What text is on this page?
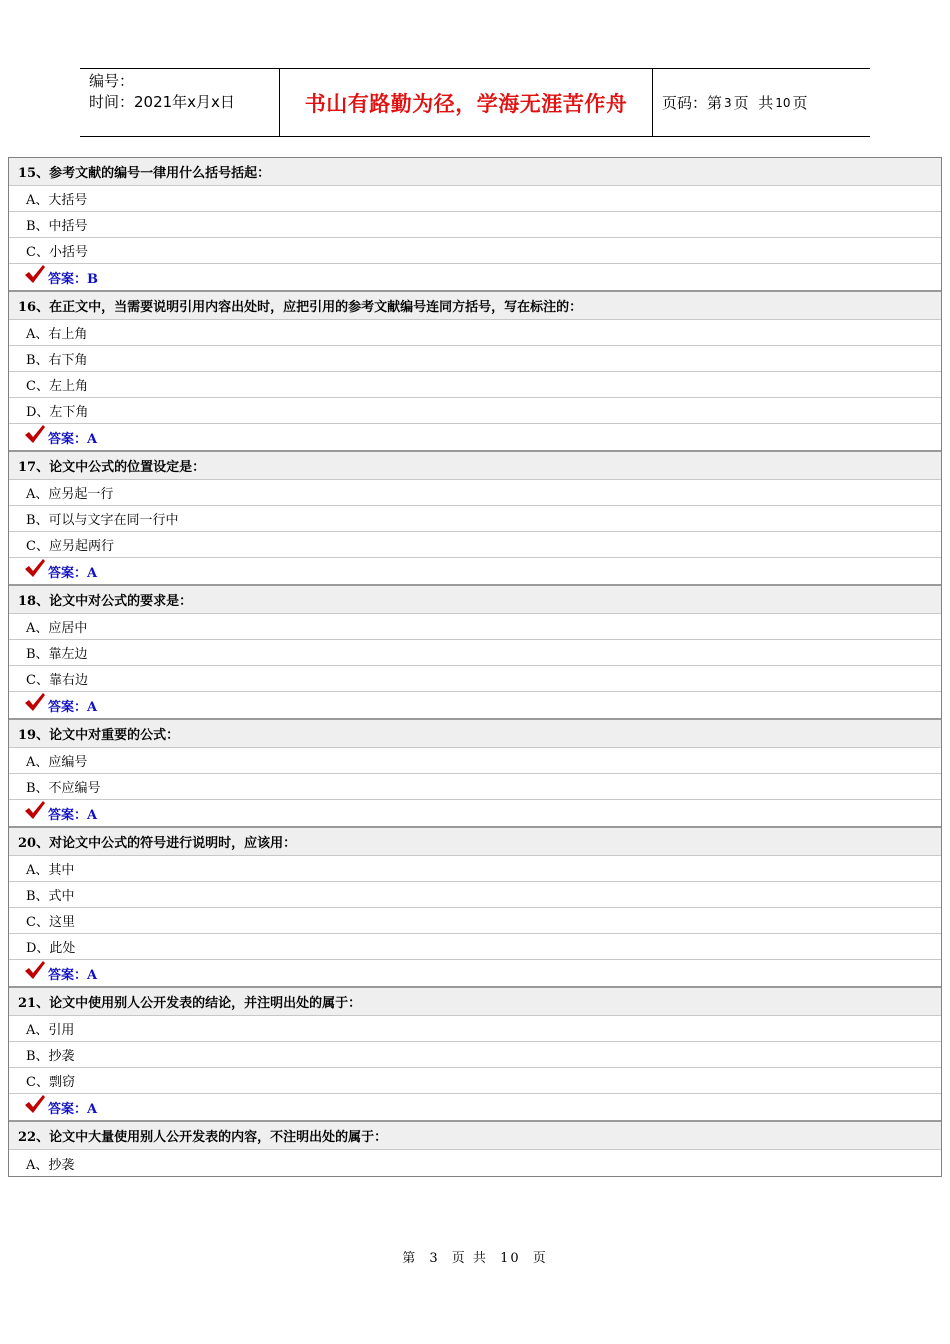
编号：
时间：2021年x月x日	书山有路勤为径，学海无涯苦作舟	页码：第 3 页  共 10 页
15、参考文献的编号一律用什么括号括起：
A、大括号
B、中括号
C、小括号
答案：B
16、在正文中，当需要说明引用内容出处时，应把引用的参考文献编号连同方括号，写在标注的：
A、右上角
B、右下角
C、左上角
D、左下角
答案：A
17、论文中公式的位置设定是：
A、应另起一行
B、可以与文字在同一行中
C、应另起两行
答案：A
18、论文中对公式的要求是：
A、应居中
B、靠左边
C、靠右边
答案：A
19、论文中对重要的公式：
A、应编号
B、不应编号
答案：A
20、对论文中公式的符号进行说明时，应该用：
A、其中
B、式中
C、这里
D、此处
答案：A
21、论文中使用别人公开发表的结论，并注明出处的属于：
A、引用
B、抄袭
C、剽窃
答案：A
22、论文中大量使用别人公开发表的内容，不注明出处的属于：
A、抄袭
第 3 页 共 10 页
